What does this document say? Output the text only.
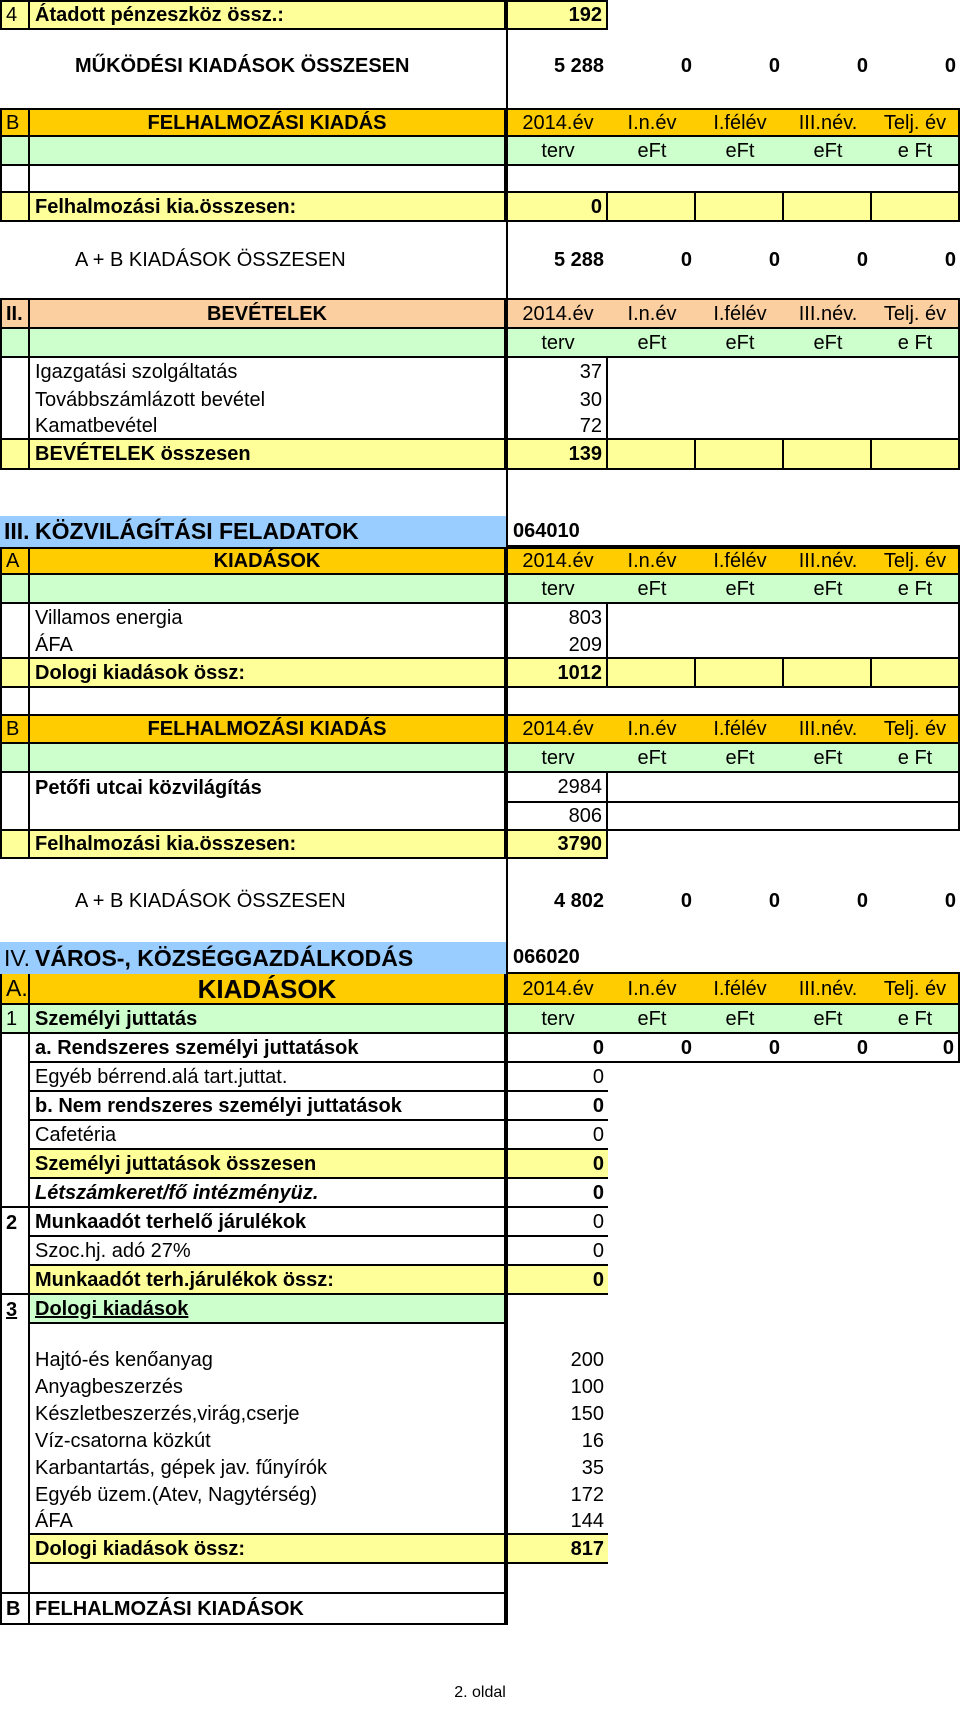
4 Átadott pénzeszköz össz.:	192
MŰKÖDÉSI KIADÁSOK ÖSSZESEN	5 288	0	0	0	0
B	FELHALMOZÁSI KIADÁS	2014.év	I.n.év	I.félév	III.név.	Telj. év
terv	eFt	eFt	eFt	e Ft
Felhalmozási kia.összesen:	0
A + B KIADÁSOK ÖSSZESEN	5 288	0	0	0	0
II.	BEVÉTELEK	2014.év	I.n.év	I.félév	III.név.	Telj. év
terv	eFt	eFt	eFt	e Ft
Igazgatási szolgáltatás	37
Továbbszámlázott bevétel	30
Kamatbevétel	72
BEVÉTELEK összesen	139
III. KÖZVILÁGÍTÁSI FELADATOK	064010
A	KIADÁSOK	2014.év	I.n.év	I.félév	III.név.	Telj. év
terv	eFt	eFt	eFt	e Ft
Villamos energia	803
ÁFA	209
Dologi kiadások össz:	1012
B	FELHALMOZÁSI KIADÁS	2014.év	I.n.év	I.félév	III.név.	Telj. év
terv	eFt	eFt	eFt	e Ft
Petőfi utcai közvilágítás	2984
806
Felhalmozási kia.összesen:	3790
A + B KIADÁSOK ÖSSZESEN	4 802	0	0	0	0
IV. VÁROS-, KÖZSÉGGAZDÁLKODÁS	066020
A.	KIADÁSOK	2014.év	I.n.év	I.félév	III.név.	Telj. év
1 Személyi juttatás	terv	eFt	eFt	eFt	e Ft
a. Rendszeres személyi juttatások	0	0	0	0	0
Egyéb bérrend.alá tart.juttat.	0
b. Nem rendszeres személyi juttatások	0
Cafetéria	0
Személyi juttatások összesen	0
Létszámkeret/fő intézményüz.	0
2 Munkaadót terhelő járulékok	0
Szoc.hj. adó 27%	0
Munkaadót terh.járulékok össz:	0
3 Dologi kiadások
Hajtó-és kenőanyag	200
Anyagbeszerzés	100
Készletbeszerzés,virág,cserje	150
Víz-csatorna közkút	16
Karbantartás, gépek jav. fűnyírók	35
Egyéb üzem.(Atev, Nagytérség)	172
ÁFA	144
Dologi kiadások össz:	817
B FELHALMOZÁSI KIADÁSOK
2. oldal
